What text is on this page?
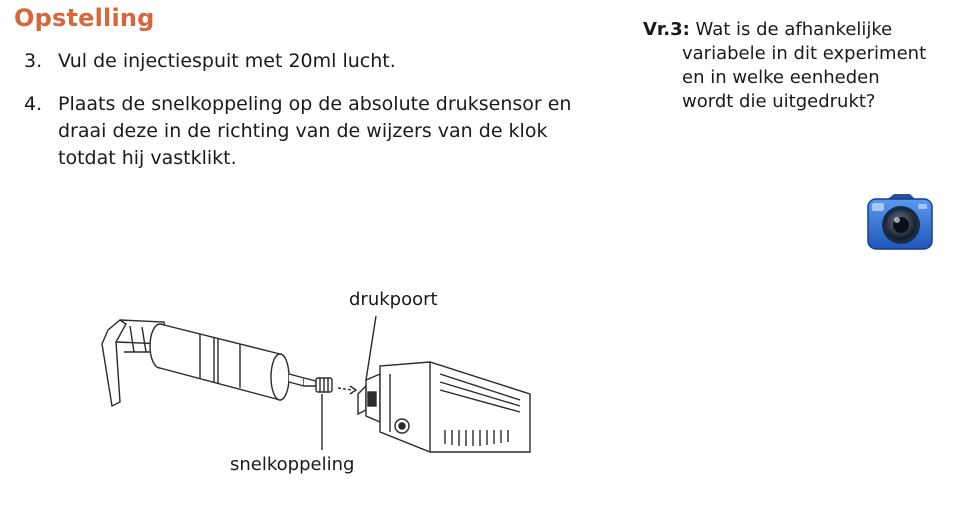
Opstelling
3. Vul de injectiespuit met 20ml lucht.
4. Plaats de snelkoppeling op de absolute druksensor en draai deze in de richting van de wijzers van de klok totdat hij vastklikt.
Vr.3: Wat is de afhankelijke
variabele in dit experiment
en in welke eenheden
wordt die uitgedrukt?
drukpoort
snelkoppeling
